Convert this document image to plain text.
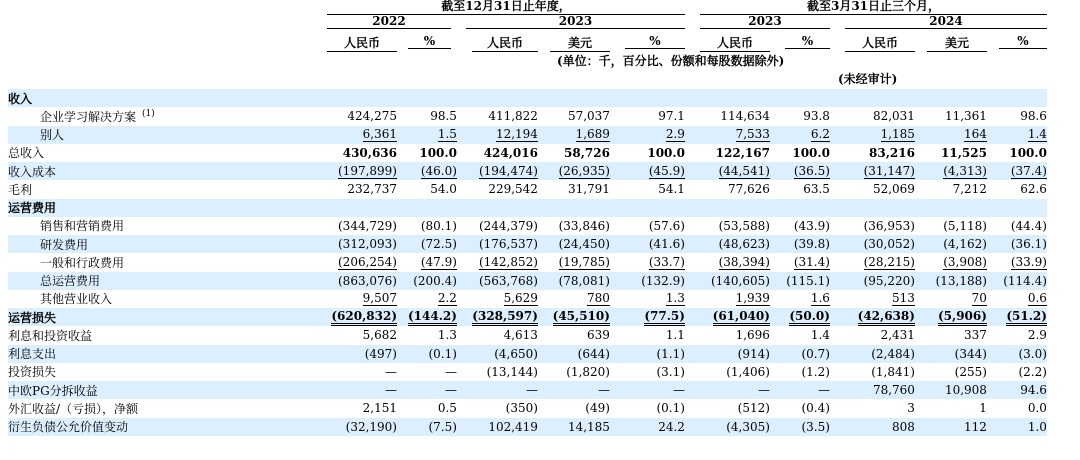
截至12月31日止年度，	截至3月31日止三个月，
2022	2023	2023	2024
人民币	%	人民币	美元	%	人民币	%	人民币	美元	%
(单位：千，百分比、份额和每股数据除外)
(未经审计)
收入																			
企业学习解决方案 $^{(1)}$	424,275		98.5		411,822		57,037		97.1		114,634		93.8		82,031		11,361		98.6
别人	6,361		1.5		12,194		1,689		2.9		7,533		6.2		1,185		164		1.4
总收入	430,636		100.0		424,016		58,726		100.0		122,167		100.0		83,216		11,525		100.0
收入成本	(197,899)		(46.0)		(194,474)		(26,935)		(45.9)		(44,541)		(36.5)		(31,147)		(4,313)		(37.4)
毛利	232,737		54.0		229,542		31,791		54.1		77,626		63.5		52,069		7,212		62.6
运营费用																			
销售和营销费用	(344,729)		(80.1)		(244,379)		(33,846)		(57.6)		(53,588)		(43.9)		(36,953)		(5,118)		(44.4)
研发费用	(312,093)		(72.5)		(176,537)		(24,450)		(41.6)		(48,623)		(39.8)		(30,052)		(4,162)		(36.1)
一般和行政费用	(206,254)		(47.9)		(142,852)		(19,785)		(33.7)		(38,394)		(31.4)		(28,215)		(3,908)		(33.9)
总运营费用	(863,076)		(200.4)		(563,768)		(78,081)		(132.9)		(140,605)		(115.1)		(95,220)		(13,188)		(114.4)
其他营业收入	9,507		2.2		5,629		780		1.3		1,939		1.6		513		70		0.6
运营损失	(620,832)		(144.2)		(328,597)		(45,510)		(77.5)		(61,040)		(50.0)		(42,638)		(5,906)		(51.2)
利息和投资收益	5,682		1.3		4,613		639		1.1		1,696		1.4		2,431		337		2.9
利息支出	(497)		(0.1)		(4,650)		(644)		(1.1)		(914)		(0.7)		(2,484)		(344)		(3.0)
投资损失	—		—		(13,144)		(1,820)		(3.1)		(1,406)		(1.2)		(1,841)		(255)		(2.2)
中欧PG分拆收益	—		—		—		—		—		—		—		78,760		10,908		94.6
外汇收益/（亏损），净额	2,151		0.5		(350)		(49)		(0.1)		(512)		(0.4)		3		1		0.0
衍生负债公允价值变动	(32,190)		(7.5)		102,419		14,185		24.2		(4,305)		(3.5)		808		112		1.0
